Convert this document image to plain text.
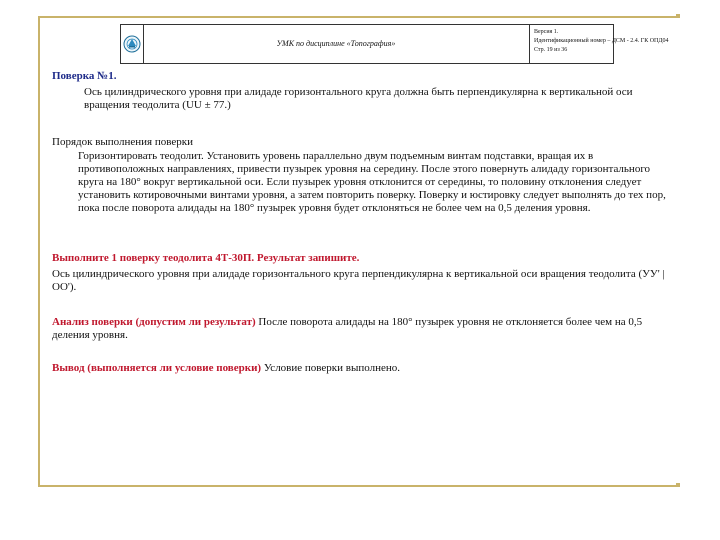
УМК по дисциплине «Топография»
Версия 1.
Идентификационный номер – ДСМ - 2.4. ГК ОПД04
Стр. 19 из 36
Поверка №1.
Ось цилиндрического уровня при алидаде горизонтального круга должна быть перпендикулярна к вертикальной оси вращения теодолита (UU ± 77.)
Порядок выполнения поверки
Горизонтировать теодолит. Установить уровень параллельно двум подъемным винтам подставки, вращая их в противоположных направлениях, привести пузырек уровня на середину. После этого повернуть алидаду горизонтального круга на 180° вокруг вертикальной оси. Если пузырек уровня отклонится от середины, то половину отклонения следует установить котировочными винтами уровня, а затем повторить поверку. Поверку и юстировку следует выполнять до тех пор, пока после поворота алидады на 180° пузырек уровня будет отклоняться не более чем на 0,5 деления уровня.
Выполните 1 поверку теодолита 4Т-30П. Результат запишите.
Ось цилиндрического уровня при алидаде горизонтального круга перпендикулярна к вертикальной оси вращения теодолита (УУ' | ОО').
Анализ поверки (допустим ли результат) После поворота алидады на 180° пузырек уровня не отклоняется более чем на 0,5 деления уровня.
Вывод (выполняется ли условие поверки) Условие поверки выполнено.
